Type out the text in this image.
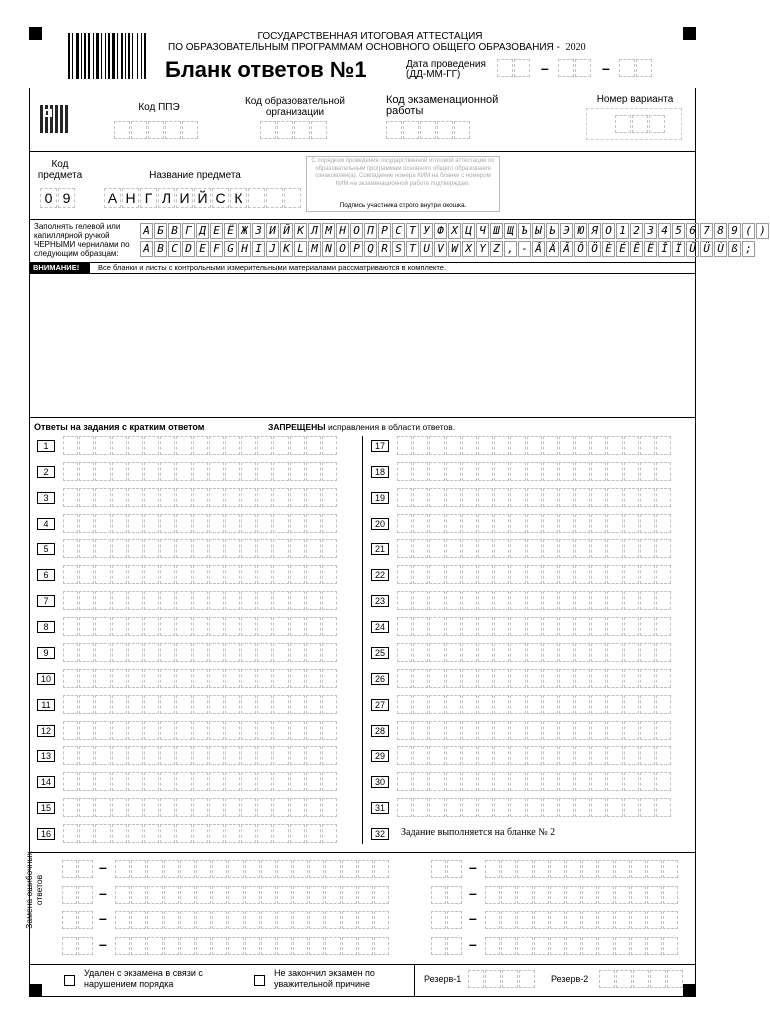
ГОСУДАРСТВЕННАЯ ИТОГОВАЯ АТТЕСТАЦИЯ
ПО ОБРАЗОВАТЕЛЬНЫМ ПРОГРАММАМ ОСНОВНОГО ОБЩЕГО ОБРАЗОВАНИЯ - 2020
Бланк ответов №1	Дата проведения
(ДД-ММ-ГГ)	–	–
Код ППЭ
Код образовательной организации
Код экзаменационной работы
Номер варианта
Код предмета	Название предмета
0 9	А Н Г Л И Й С К
С порядком проведения государственной итоговой аттестации по образовательным программам основного общего образования ознакомлен(а). Совпадение номера КИМ на бланке с номером КИМ на экзаменационной работе подтверждаю.
Подпись участника строго внутри окошка.
Заполнять гелевой или капиллярной ручкой ЧЕРНЫМИ чернилами по следующим образцам:
А Б В Г Д Е Ё Ж З И Й К Л М Н О П Р С Т У Ф Х Ц Ч Ш Щ Ъ Ы Ь Э Ю Я О 1 2 3 4 5 6 7 8 9 ( )
A B C D E F G H I J K L M N O P Q R S T U V W X Y Z , - Â Ä Ã Ô Ö È É Ê Ë Î Ï Û Ü Ù ß ;
ВНИМАНИЕ!	Все бланки и листы с контрольными измерительными материалами рассматриваются в комплекте.
Ответы на задания с кратким ответом	ЗАПРЕЩЕНЫ исправления в области ответов.
1
2
3
4
5
6
7
8
9
10
11
12
13
14
15
16
17
18
19
20
21
22
23
24
25
26
27
28
29
30
31
32	Задание выполняется на бланке № 2
Замена ошибочных ответов
–	–
–	–
–	–
–	–
Удален с экзамена в связи с нарушением порядка
Не закончил экзамен по уважительной причине	Резерв-1	Резерв-2
